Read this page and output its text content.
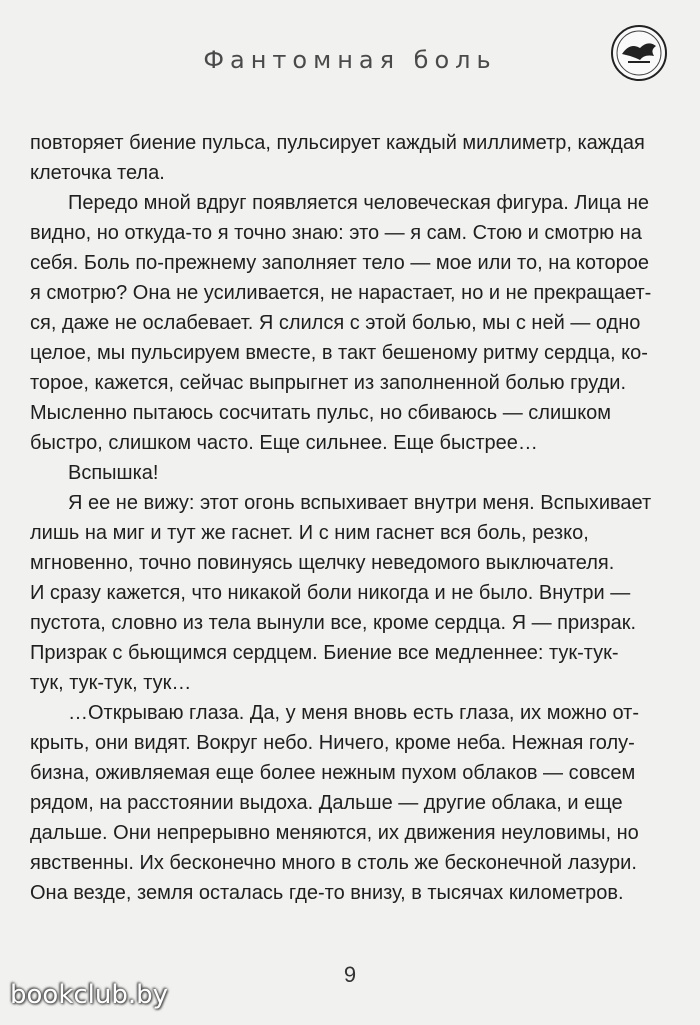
Фантомная боль
повторяет биение пульса, пульсирует каждый миллиметр, каждая
клеточка тела.
Передо мной вдруг появляется человеческая фигура. Лица не
видно, но откуда-то я точно знаю: это — я сам. Стою и смотрю на
себя. Боль по-прежнему заполняет тело — мое или то, на которое
я смотрю? Она не усиливается, не нарастает, но и не прекращает-
ся, даже не ослабевает. Я слился с этой болью, мы с ней — одно
целое, мы пульсируем вместе, в такт бешеному ритму сердца, ко-
торое, кажется, сейчас выпрыгнет из заполненной болью груди.
Мысленно пытаюсь сосчитать пульс, но сбиваюсь — слишком
быстро, слишком часто. Еще сильнее. Еще быстрее…
Вспышка!
Я ее не вижу: этот огонь вспыхивает внутри меня. Вспыхивает
лишь на миг и тут же гаснет. И с ним гаснет вся боль, резко,
мгновенно, точно повинуясь щелчку неведомого выключателя.
И сразу кажется, что никакой боли никогда и не было. Внутри —
пустота, словно из тела вынули все, кроме сердца. Я — призрак.
Призрак с бьющимся сердцем. Биение все медленнее: тук-тук-
тук, тук-тук, тук…
…Открываю глаза. Да, у меня вновь есть глаза, их можно от-
крыть, они видят. Вокруг небо. Ничего, кроме неба. Нежная голу-
бизна, оживляемая еще более нежным пухом облаков — совсем
рядом, на расстоянии выдоха. Дальше — другие облака, и еще
дальше. Они непрерывно меняются, их движения неуловимы, но
явственны. Их бесконечно много в столь же бесконечной лазури.
Она везде, земля осталась где-то внизу, в тысячах километров.
9
bookclub.by
